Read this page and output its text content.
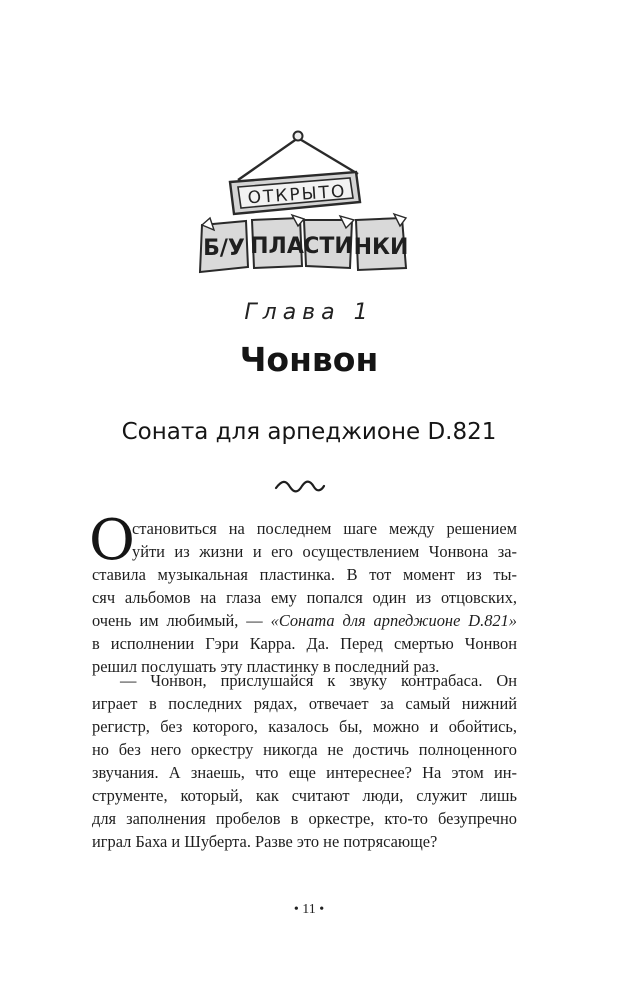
ОТКРЫТО
Б/У ПЛА СТИ НКИ
Глава 1
Чонвон
Соната для арпеджионе D.821
О
становиться на последнем шаге между решением
уйти из жизни и его осуществлением Чонвона за-
ставила музыкальная пластинка. В тот момент из ты-
сяч альбомов на глаза ему попался один из отцовских,
очень им любимый, — «Соната для арпеджионе D.821»
в исполнении Гэри Карра. Да. Перед смертью Чонвон
решил послушать эту пластинку в последний раз.
— Чонвон, прислушайся к звуку контрабаса. Он
играет в последних рядах, отвечает за самый нижний
регистр, без которого, казалось бы, можно и обойтись,
но без него оркестру никогда не достичь полноценного
звучания. А знаешь, что еще интереснее? На этом ин-
струменте, который, как считают люди, служит лишь
для заполнения пробелов в оркестре, кто-то безупречно
играл Баха и Шуберта. Разве это не потрясающе?
• 11 •
